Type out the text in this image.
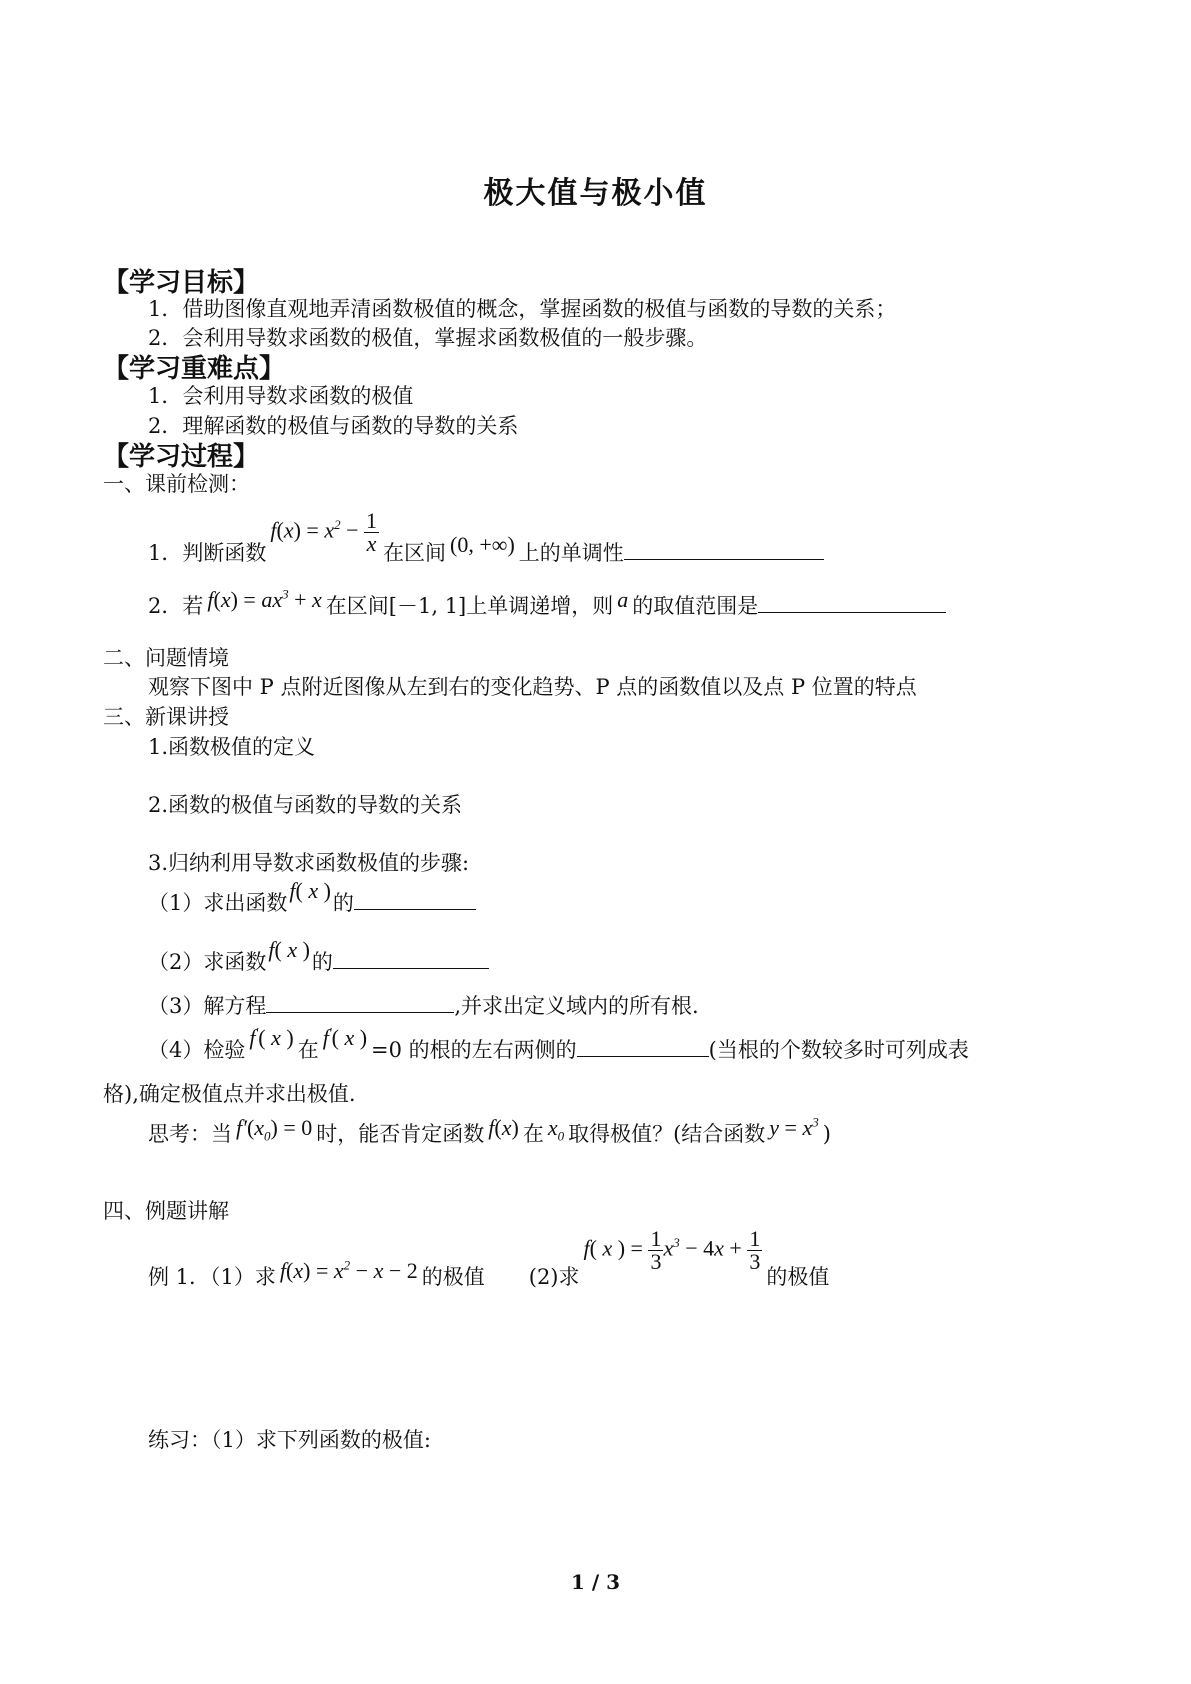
极大值与极小值
【学习目标】
1．借助图像直观地弄清函数极值的概念，掌握函数的极值与函数的导数的关系；
2．会利用导数求函数的极值，掌握求函数极值的一般步骤。
【学习重难点】
1．会利用导数求函数的极值
2．理解函数的极值与函数的导数的关系
【学习过程】
一、课前检测：
1．判断函数$f(x) = x^2 - \frac{1}{x}$ 在区间 (0, +∞) 上的单调性
2．若 $f(x) = ax^3 + x$ 在区间[－1, 1]上单调递增，则 a 的取值范围是
二、问题情境
观察下图中 P 点附近图像从左到右的变化趋势、P 点的函数值以及点 P 位置的特点
三、新课讲授
1.函数极值的定义
2.函数的极值与函数的导数的关系
3.归纳利用导数求函数极值的步骤:
（1）求出函数f( x )的
（2）求函数f( x )的
（3）解方程	,并求出定义域内的所有根.
（4）检验 f'( x ) 在 f'( x ) =0 的根的左右两侧的	(当根的个数较多时可列成表
格),确定极值点并求出极值.
思考：当 $f'(x_0) = 0$ 时，能否肯定函数 f(x) 在 $x_0$ 取得极值？(结合函数 $y = x^3$ )
四、例题讲解
例 1．（1）求 $f(x) = x^2 - x - 2$ 的极值 (2)求f( x ) = $\frac{1}{3} x^3 - 4x + \frac{1}{3}$
的极值
练习：（1）求下列函数的极值:
1 / 3
